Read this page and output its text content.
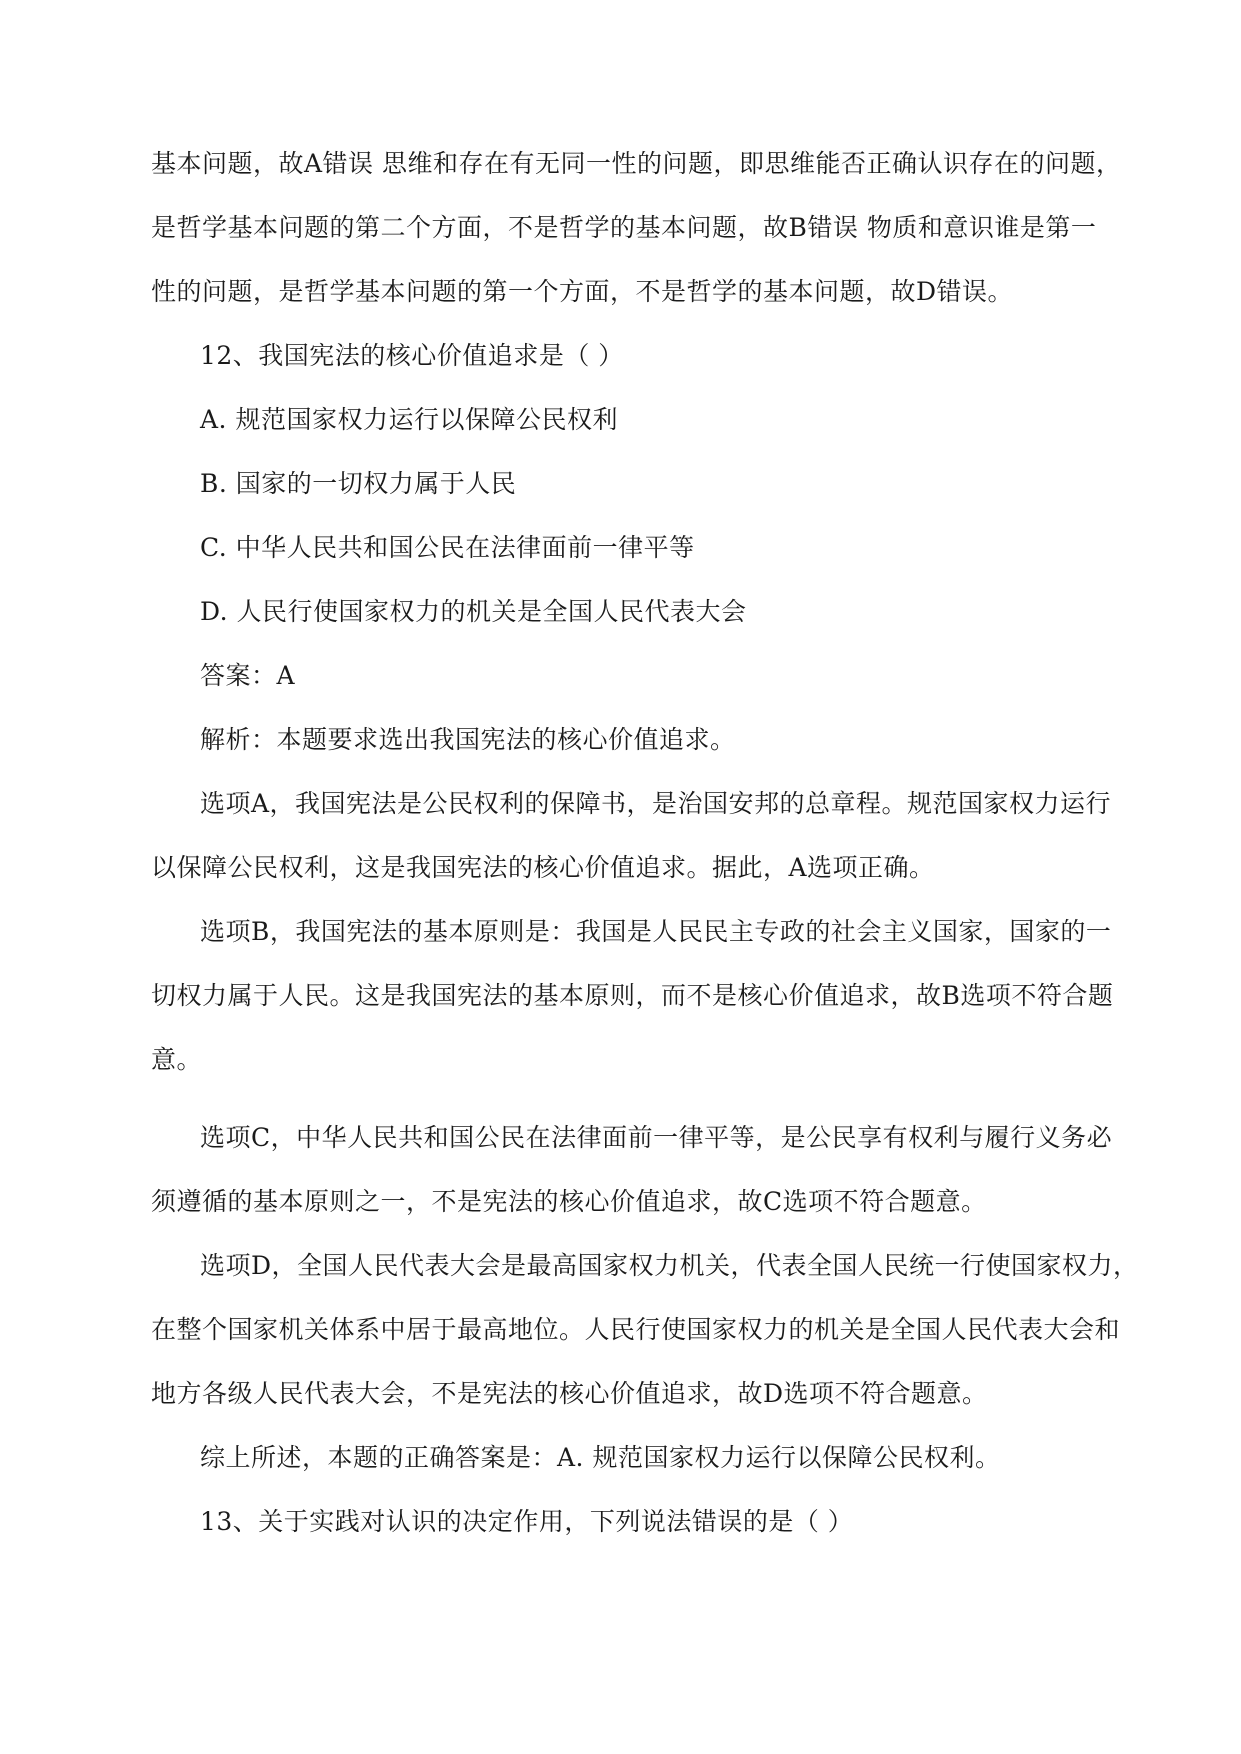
基本问题，故A错误 思维和存在有无同一性的问题，即思维能否正确认识存在的问题，
是哲学基本问题的第二个方面，不是哲学的基本问题，故B错误 物质和意识谁是第一
性的问题，是哲学基本问题的第一个方面，不是哲学的基本问题，故D错误。
12、我国宪法的核心价值追求是（ ）
A. 规范国家权力运行以保障公民权利
B. 国家的一切权力属于人民
C. 中华人民共和国公民在法律面前一律平等
D. 人民行使国家权力的机关是全国人民代表大会
答案：A
解析：本题要求选出我国宪法的核心价值追求。
选项A，我国宪法是公民权利的保障书，是治国安邦的总章程。规范国家权力运行
以保障公民权利，这是我国宪法的核心价值追求。据此，A选项正确。
选项B，我国宪法的基本原则是：我国是人民民主专政的社会主义国家，国家的一
切权力属于人民。这是我国宪法的基本原则，而不是核心价值追求，故B选项不符合题
意。
选项C，中华人民共和国公民在法律面前一律平等，是公民享有权利与履行义务必
须遵循的基本原则之一，不是宪法的核心价值追求，故C选项不符合题意。
选项D，全国人民代表大会是最高国家权力机关，代表全国人民统一行使国家权力，
在整个国家机关体系中居于最高地位。人民行使国家权力的机关是全国人民代表大会和
地方各级人民代表大会，不是宪法的核心价值追求，故D选项不符合题意。
综上所述，本题的正确答案是：A. 规范国家权力运行以保障公民权利。
13、关于实践对认识的决定作用，下列说法错误的是（ ）
